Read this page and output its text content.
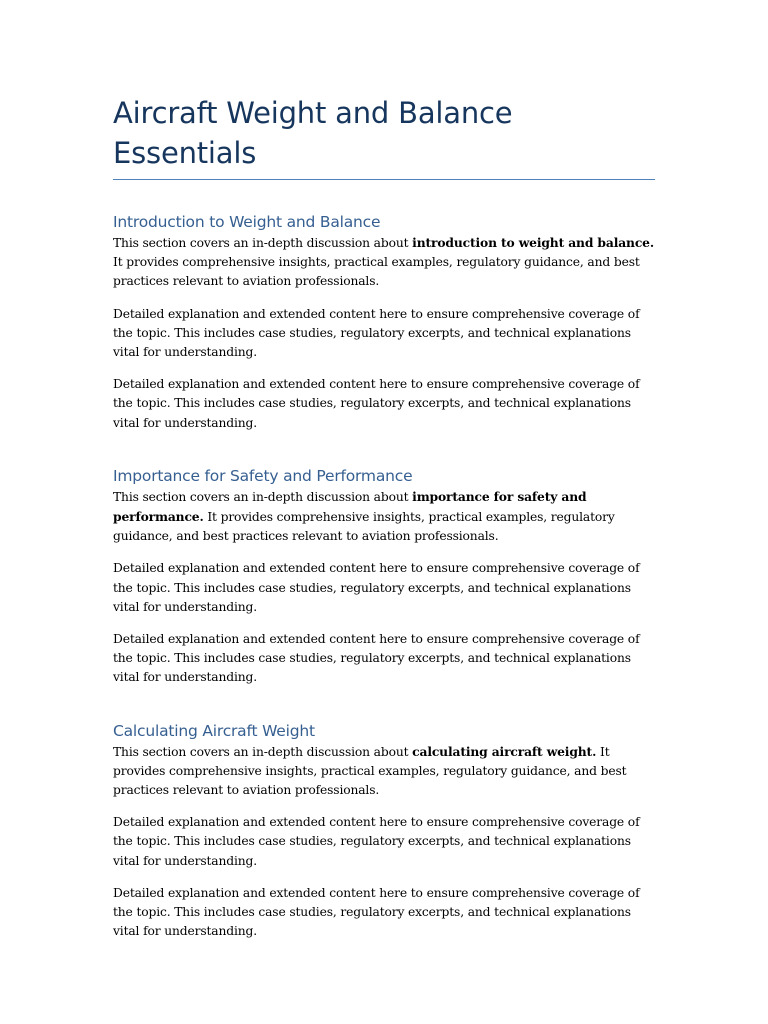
Aircraft Weight and Balance Essentials
Introduction to Weight and Balance

This section covers an in-depth discussion about introduction to weight and balance. It provides comprehensive insights, practical examples, regulatory guidance, and best practices relevant to aviation professionals.

Detailed explanation and extended content here to ensure comprehensive coverage of the topic. This includes case studies, regulatory excerpts, and technical explanations vital for understanding.

Detailed explanation and extended content here to ensure comprehensive coverage of the topic. This includes case studies, regulatory excerpts, and technical explanations vital for understanding.

Importance for Safety and Performance

This section covers an in-depth discussion about importance for safety and performance. It provides comprehensive insights, practical examples, regulatory guidance, and best practices relevant to aviation professionals.

Detailed explanation and extended content here to ensure comprehensive coverage of the topic. This includes case studies, regulatory excerpts, and technical explanations vital for understanding.

Detailed explanation and extended content here to ensure comprehensive coverage of the topic. This includes case studies, regulatory excerpts, and technical explanations vital for understanding.

Calculating Aircraft Weight

This section covers an in-depth discussion about calculating aircraft weight. It provides comprehensive insights, practical examples, regulatory guidance, and best practices relevant to aviation professionals.

Detailed explanation and extended content here to ensure comprehensive coverage of the topic. This includes case studies, regulatory excerpts, and technical explanations vital for understanding.

Detailed explanation and extended content here to ensure comprehensive coverage of the topic. This includes case studies, regulatory excerpts, and technical explanations vital for understanding.
